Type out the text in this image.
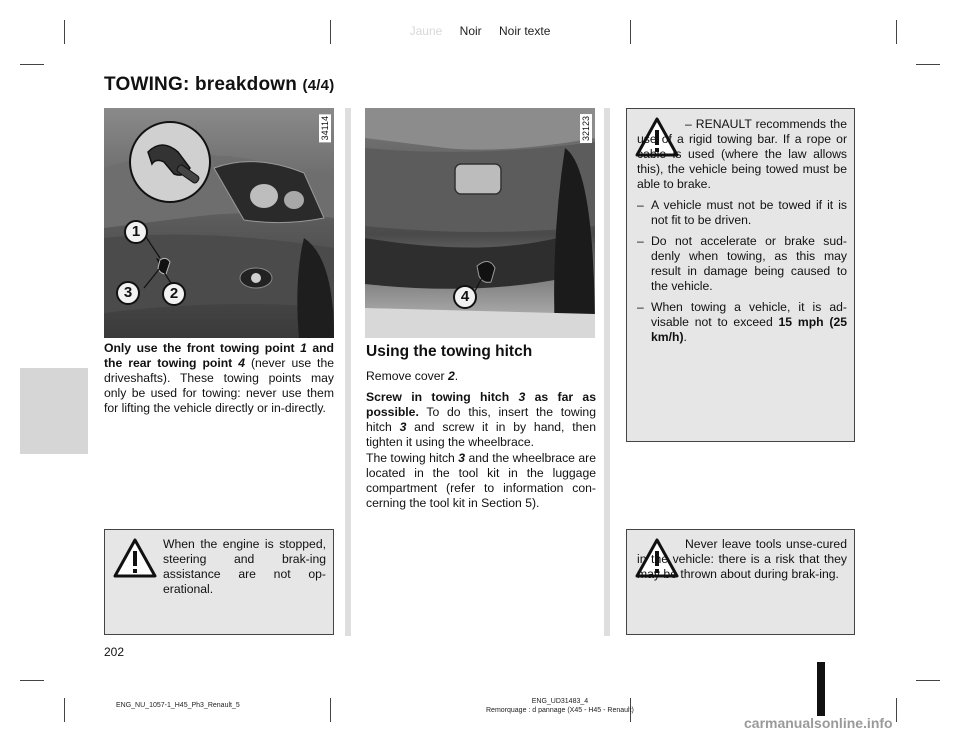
Jaune Noir Noir texte
TOWING: breakdown (4/4)
34114
1
3	2
32123
4
Only use the front towing point 1 and the rear towing point 4 (never use the driveshafts). These towing points may only be used for towing: never use them for lifting the vehicle directly or in-directly.
Using the towing hitch
Remove cover 2.
Screw in towing hitch 3 as far as possible. To do this, insert the towing hitch 3 and screw it in by hand, then tighten it using the wheelbrace.
The towing hitch 3 and the wheelbrace are located in the tool kit in the luggage compartment (refer to information con-cerning the tool kit in Section 5).
– RENAULT recommends the use of a rigid towing bar. If a rope or cable is used (where the law allows this), the vehicle being towed must be able to brake.
– A vehicle must not be towed if it is not fit to be driven.
– Do not accelerate or brake sud-denly when towing, as this may result in damage being caused to the vehicle.
– When towing a vehicle, it is ad-visable not to exceed 15 mph (25 km/h).
When the engine is stopped, steering and brak-ing assistance are not op-erational.
Never leave tools unse-cured in the vehicle: there is a risk that they may be thrown about during brak-ing.
202
ENG_NU_1057-1_H45_Ph3_Renault_5
ENG_UD31483_4
Remorquage : d pannage (X45 - H45 - Renault)
carmanualsonline.info
